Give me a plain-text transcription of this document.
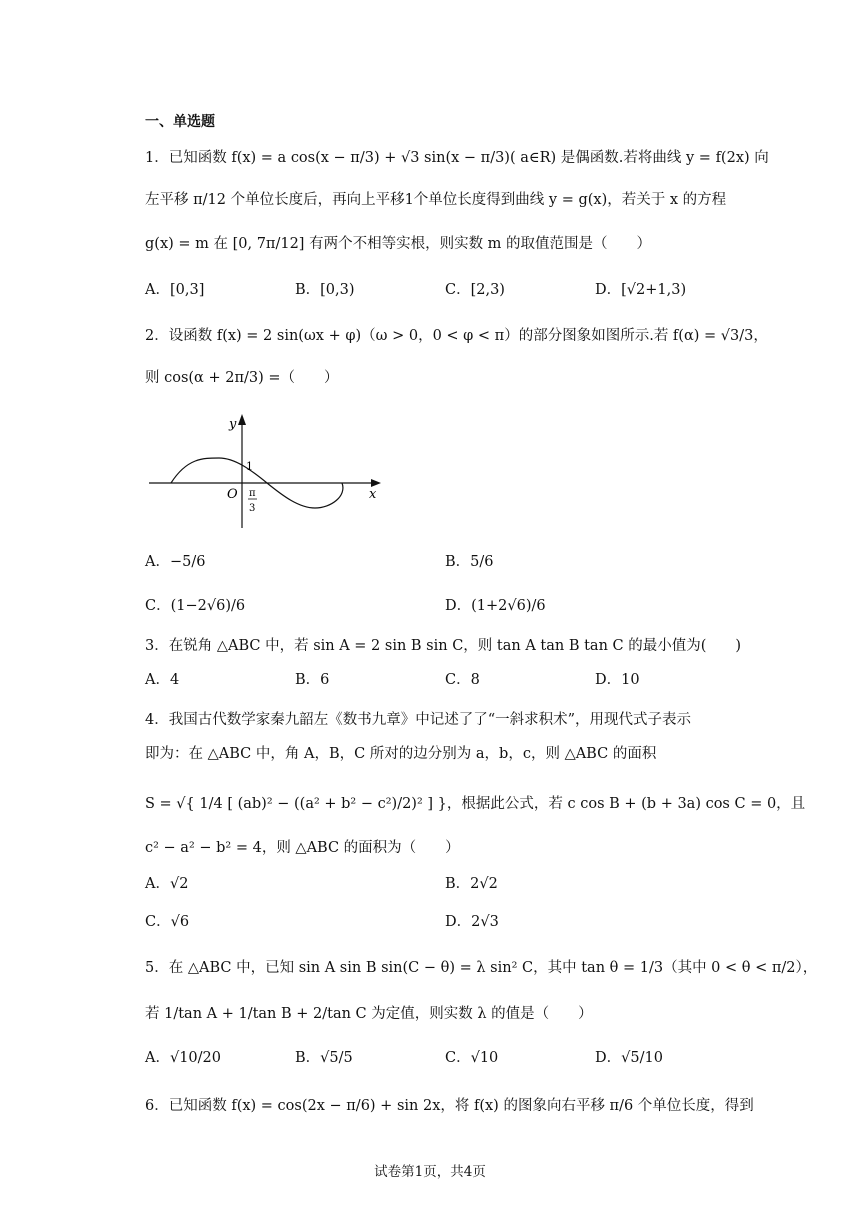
一、单选题
1．已知函数 f(x) = a cos(x − π/3) + √3 sin(x − π/3)( a∈R) 是偶函数.若将曲线 y = f(2x) 向
左平移 π/12 个单位长度后，再向上平移1个单位长度得到曲线 y = g(x)，若关于 x 的方程
g(x) = m 在 [0, 7π/12] 有两个不相等实根，则实数 m 的取值范围是（　　）
A．[0,3]	B．[0,3)	C．[2,3)	D．[√2+1,3)
2．设函数 f(x) = 2 sin(ωx + φ)（ω > 0，0 < φ < π）的部分图象如图所示.若 f(α) = √3/3，
则 cos(α + 2π/3) =（　　）
y
x
O
1
π
3
A．−5/6	B．5/6
C．(1−2√6)/6	D．(1+2√6)/6
3．在锐角 △ABC 中，若 sin A = 2 sin B sin C，则 tan A tan B tan C 的最小值为(　　)
A．4	B．6	C．8	D．10
4．我国古代数学家秦九韶左《数书九章》中记述了了“一斜求积术”，用现代式子表示
即为：在 △ABC 中，角 A，B，C 所对的边分别为 a，b，c，则 △ABC 的面积
S = √{ 1/4 [ (ab)² − ((a² + b² − c²)/2)² ] }，根据此公式，若 c cos B + (b + 3a) cos C = 0，且
c² − a² − b² = 4，则 △ABC 的面积为（　　）
A．√2	B．2√2
C．√6	D．2√3
5．在 △ABC 中，已知 sin A sin B sin(C − θ) = λ sin² C，其中 tan θ = 1/3（其中 0 < θ < π/2），
若 1/tan A + 1/tan B + 2/tan C 为定值，则实数 λ 的值是（　　）
A．√10/20	B．√5/5	C．√10	D．√5/10
6．已知函数 f(x) = cos(2x − π/6) + sin 2x，将 f(x) 的图象向右平移 π/6 个单位长度，得到
试卷第1页，共4页
